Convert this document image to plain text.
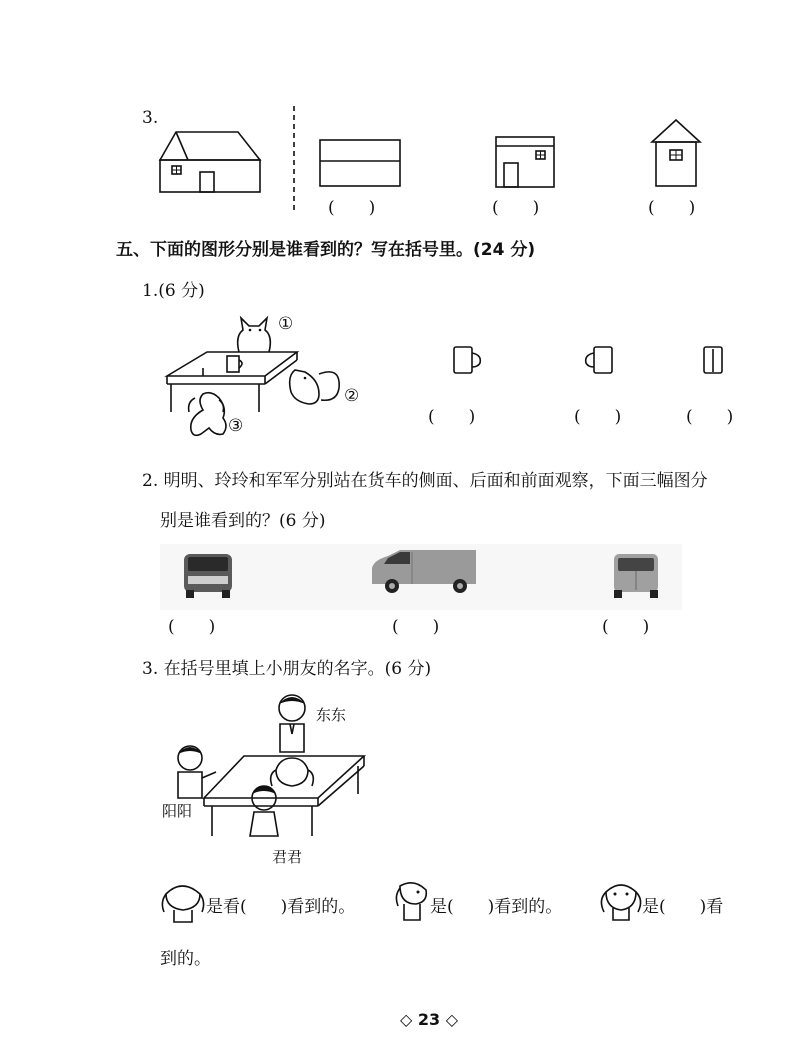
3.
(　　)	(　　)	(　　)
五、下面的图形分别是谁看到的？写在括号里。(24 分)
1.(6 分)
①
②
③	(　　)	(　　)	(　　)
2. 明明、玲玲和军军分别站在货车的侧面、后面和前面观察，下面三幅图分
别是谁看到的？(6 分)
(　　)	(　　)	(　　)
3. 在括号里填上小朋友的名字。(6 分)
东东
阳阳
君君
是看(　　)看到的。	是(　　)看到的。	是(　　)看
到的。
◇ 23 ◇
